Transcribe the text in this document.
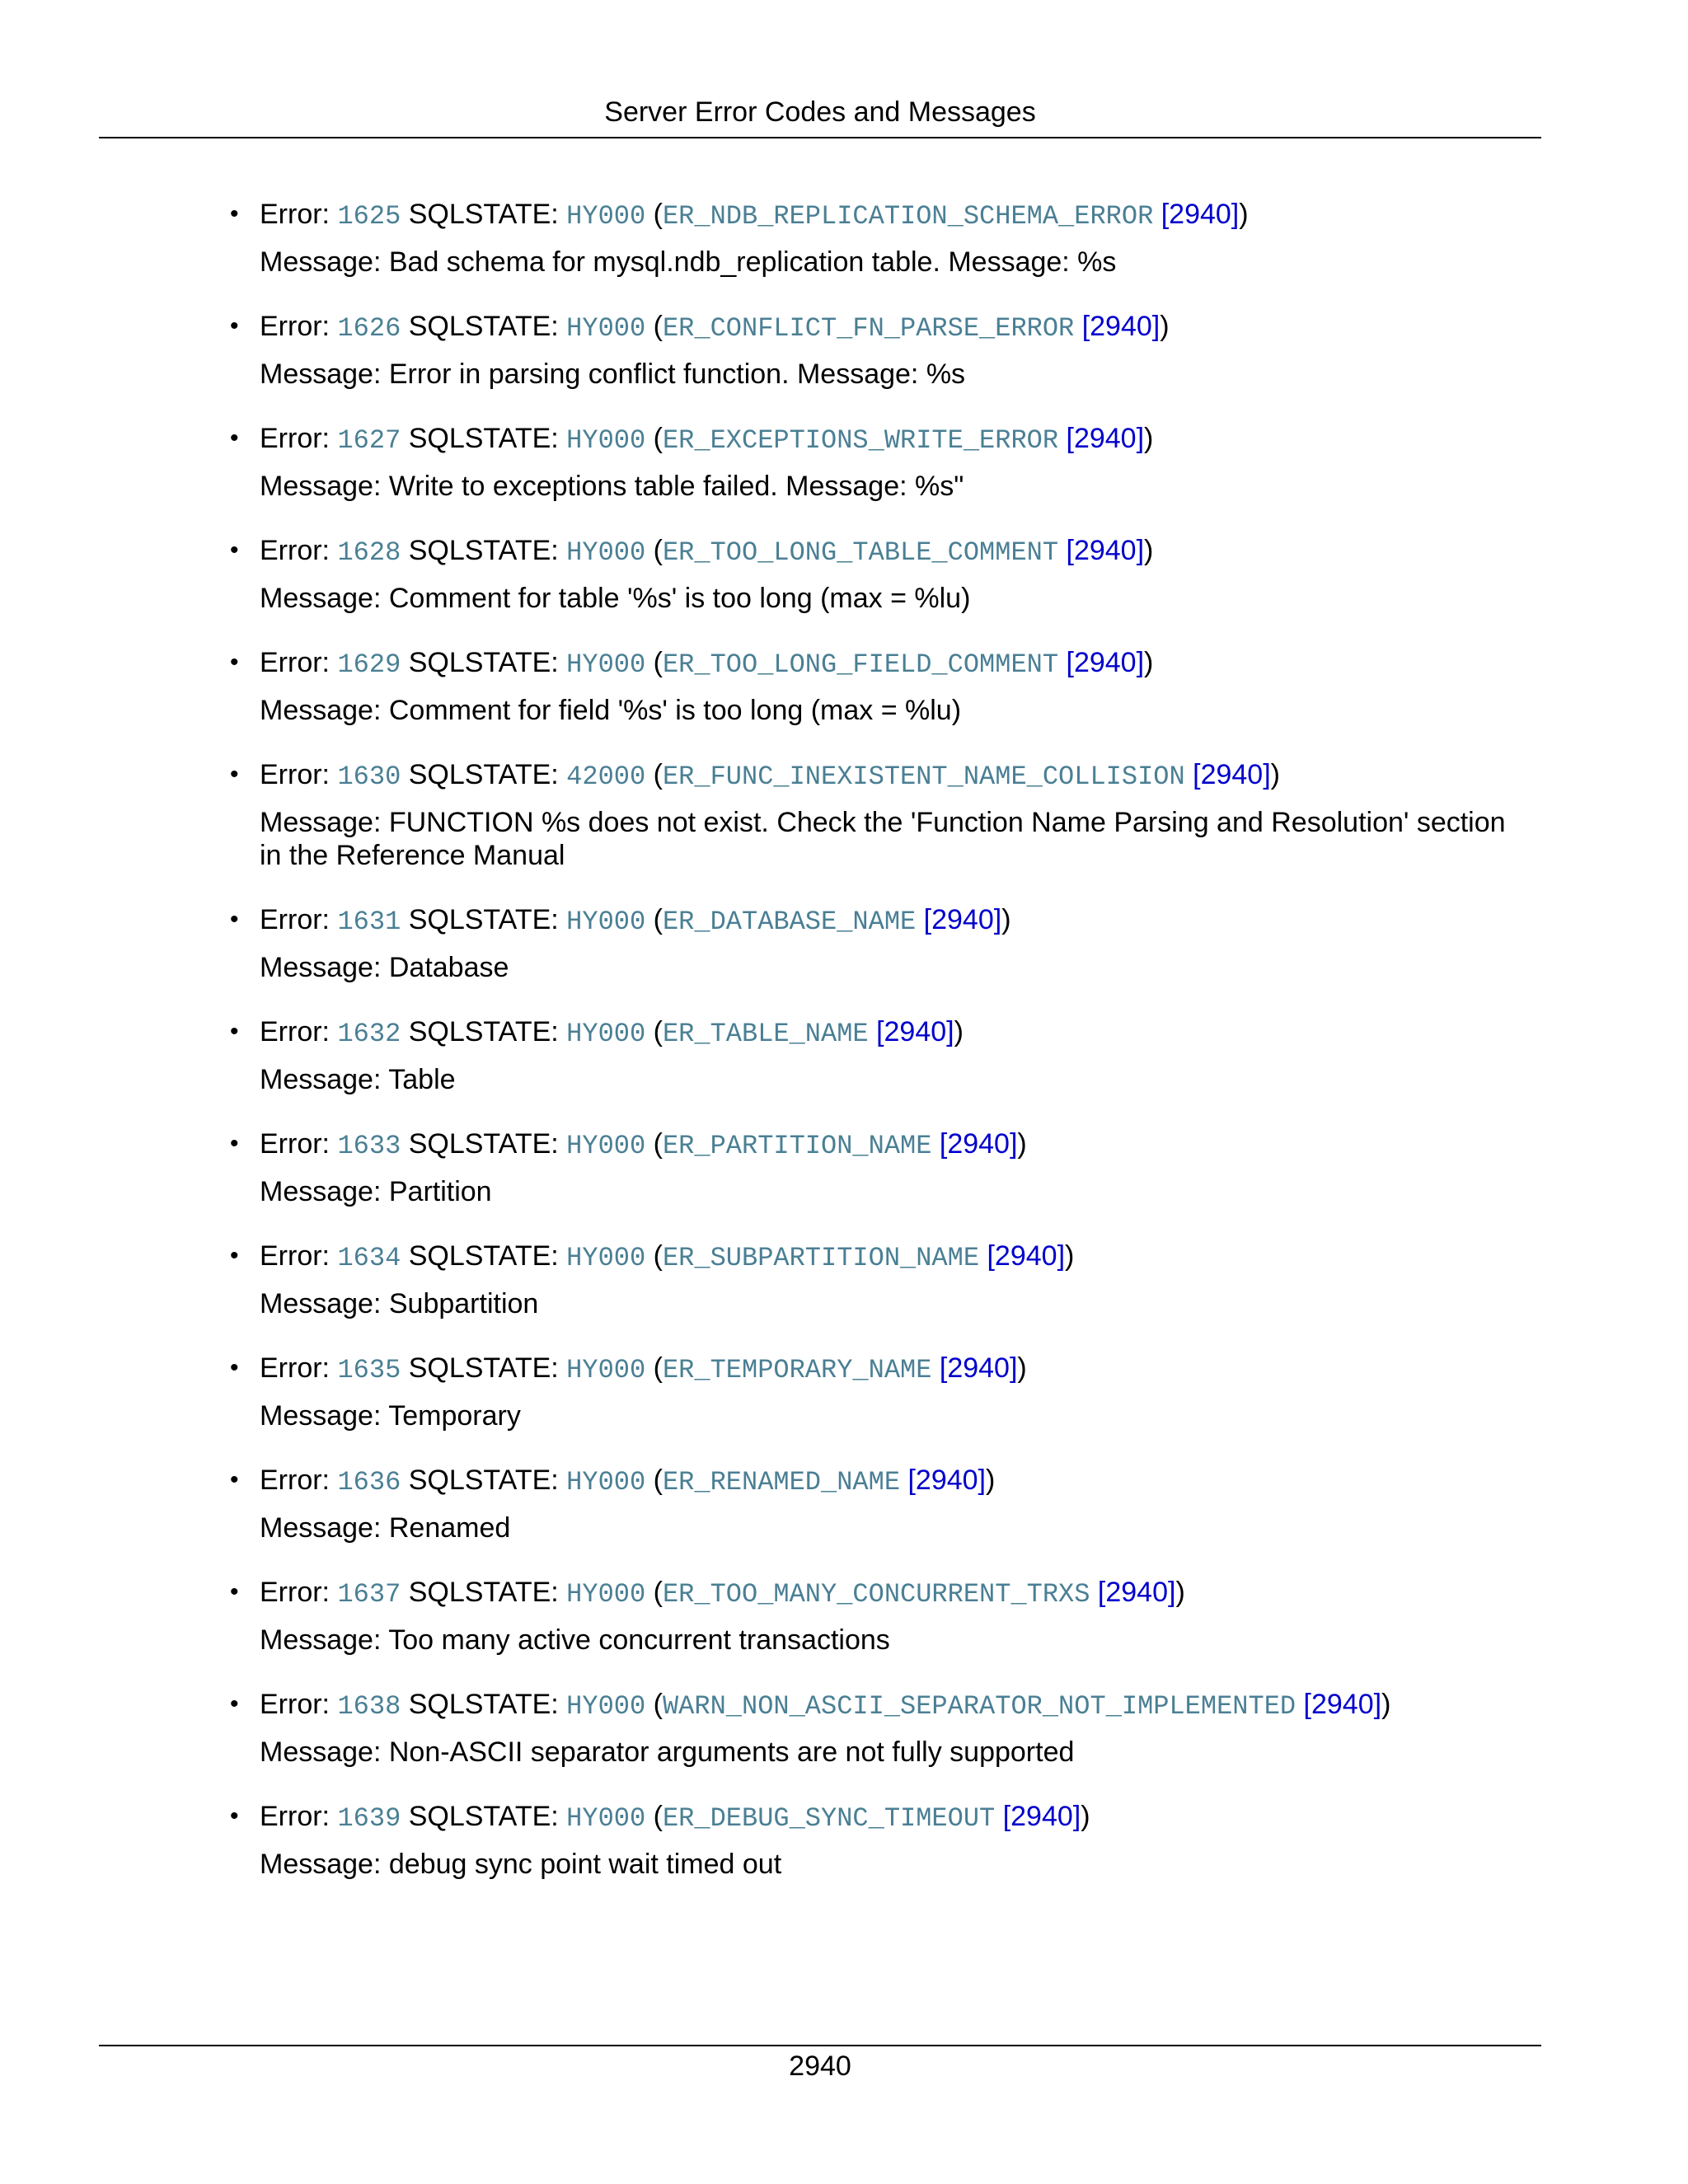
Server Error Codes and Messages
• Error: 1625 SQLSTATE: HY000 (ER_NDB_REPLICATION_SCHEMA_ERROR [2940])
Message: Bad schema for mysql.ndb_replication table. Message: %s
• Error: 1626 SQLSTATE: HY000 (ER_CONFLICT_FN_PARSE_ERROR [2940])
Message: Error in parsing conflict function. Message: %s
• Error: 1627 SQLSTATE: HY000 (ER_EXCEPTIONS_WRITE_ERROR [2940])
Message: Write to exceptions table failed. Message: %s"
• Error: 1628 SQLSTATE: HY000 (ER_TOO_LONG_TABLE_COMMENT [2940])
Message: Comment for table '%s' is too long (max = %lu)
• Error: 1629 SQLSTATE: HY000 (ER_TOO_LONG_FIELD_COMMENT [2940])
Message: Comment for field '%s' is too long (max = %lu)
• Error: 1630 SQLSTATE: 42000 (ER_FUNC_INEXISTENT_NAME_COLLISION [2940])
Message: FUNCTION %s does not exist. Check the 'Function Name Parsing and Resolution' section in the Reference Manual
• Error: 1631 SQLSTATE: HY000 (ER_DATABASE_NAME [2940])
Message: Database
• Error: 1632 SQLSTATE: HY000 (ER_TABLE_NAME [2940])
Message: Table
• Error: 1633 SQLSTATE: HY000 (ER_PARTITION_NAME [2940])
Message: Partition
• Error: 1634 SQLSTATE: HY000 (ER_SUBPARTITION_NAME [2940])
Message: Subpartition
• Error: 1635 SQLSTATE: HY000 (ER_TEMPORARY_NAME [2940])
Message: Temporary
• Error: 1636 SQLSTATE: HY000 (ER_RENAMED_NAME [2940])
Message: Renamed
• Error: 1637 SQLSTATE: HY000 (ER_TOO_MANY_CONCURRENT_TRXS [2940])
Message: Too many active concurrent transactions
• Error: 1638 SQLSTATE: HY000 (WARN_NON_ASCII_SEPARATOR_NOT_IMPLEMENTED [2940])
Message: Non-ASCII separator arguments are not fully supported
• Error: 1639 SQLSTATE: HY000 (ER_DEBUG_SYNC_TIMEOUT [2940])
Message: debug sync point wait timed out
2940
